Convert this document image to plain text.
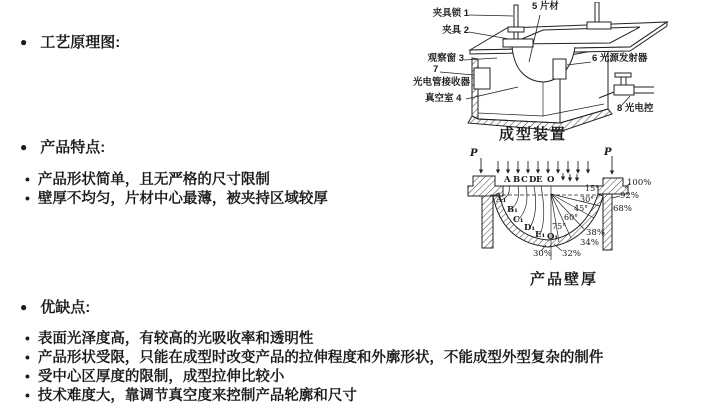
● 工艺原理图:
● 产品特点:
• 产品形状简单，且无严格的尺寸限制
• 壁厚不均匀，片材中心最薄，被夹持区域较厚
● 优缺点:
• 表面光泽度高，有较高的光吸收率和透明性
• 产品形状受限，只能在成型时改变产品的拉伸程度和外廓形状，不能成型外型复杂的制件
• 受中心区厚度的限制，成型拉伸比较小
• 技术难度大，靠调节真空度来控制产品轮廓和尺寸
夹具锁 1
夹具 2
5 片材
观察窗 3
7
光电管接收器
真空室 4
6 光源发射器
8 光电控
成型装置
P	P
A B C D E O
A₁
B₁
C₁
D₁
E₁ O₁
15°
30°
45°
60°
75°
100%
92%
68%
38%
34%
32%
30%
产品壁厚
